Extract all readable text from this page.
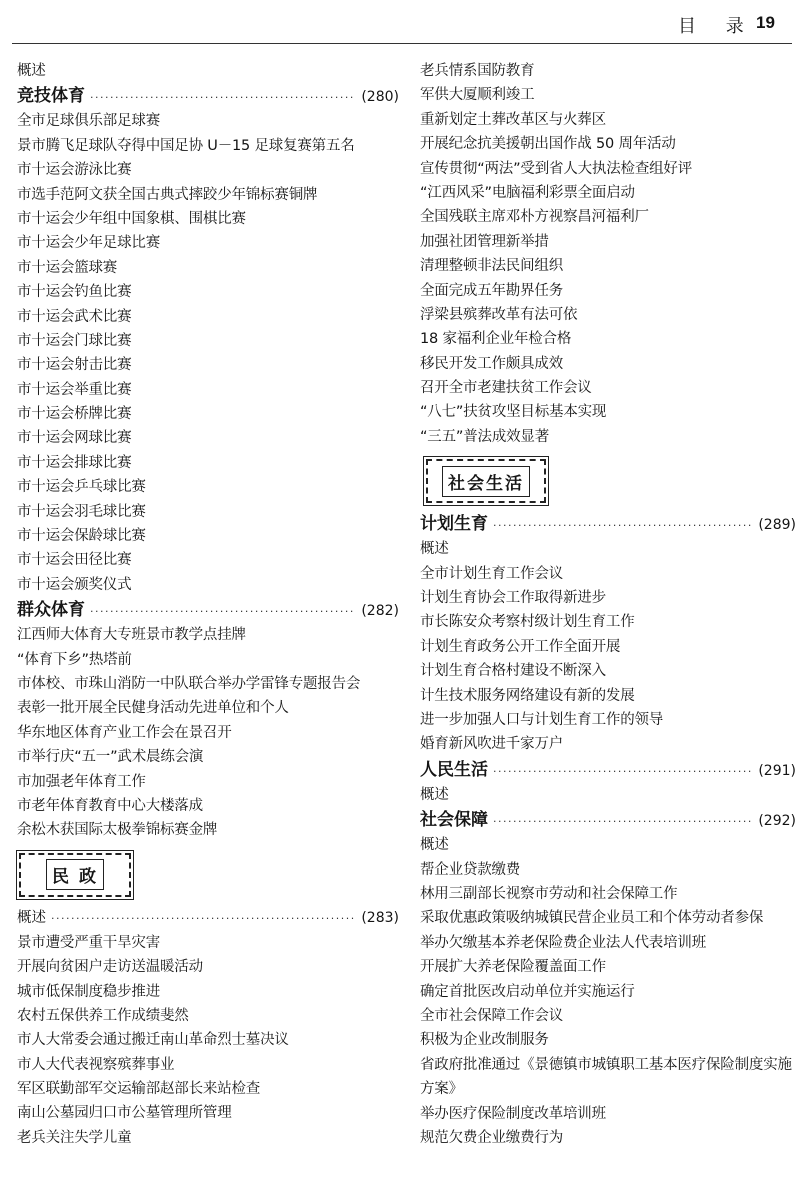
目 录 19
概述
竞技体育 ·····	(280)
全市足球俱乐部足球赛
景市腾飞足球队夺得中国足协 U－15 足球复赛第五名
市十运会游泳比赛
市选手范阿文获全国古典式摔跤少年锦标赛铜牌
市十运会少年组中国象棋、围棋比赛
市十运会少年足球比赛
市十运会篮球赛
市十运会钓鱼比赛
市十运会武术比赛
市十运会门球比赛
市十运会射击比赛
市十运会举重比赛
市十运会桥牌比赛
市十运会网球比赛
市十运会排球比赛
市十运会乒乓球比赛
市十运会羽毛球比赛
市十运会保龄球比赛
市十运会田径比赛
市十运会颁奖仪式
群众体育 ·····	(282)
江西师大体育大专班景市教学点挂牌
“体育下乡”热塔前
市体校、市珠山消防一中队联合举办学雷锋专题报告会
表彰一批开展全民健身活动先进单位和个人
华东地区体育产业工作会在景召开
市举行庆“五一”武术晨练会演
市加强老年体育工作
市老年体育教育中心大楼落成
余松木获国际太极拳锦标赛金牌
民 政
概述 ·····	(283)
景市遭受严重干旱灾害
开展向贫困户走访送温暖活动
城市低保制度稳步推进
农村五保供养工作成绩斐然
市人大常委会通过搬迁南山革命烈士墓决议
市人大代表视察殡葬事业
军区联勤部军交运输部赵部长来站检查
南山公墓园归口市公墓管理所管理
老兵关注失学儿童
老兵情系国防教育
军供大厦顺利竣工
重新划定土葬改革区与火葬区
开展纪念抗美援朝出国作战 50 周年活动
宣传贯彻“两法”受到省人大执法检查组好评
“江西风采”电脑福利彩票全面启动
全国残联主席邓朴方视察昌河福利厂
加强社团管理新举措
清理整顿非法民间组织
全面完成五年勘界任务
浮梁县殡葬改革有法可依
18 家福利企业年检合格
移民开发工作颇具成效
召开全市老建扶贫工作会议
“八七”扶贫攻坚目标基本实现
“三五”普法成效显著
社会生活
计划生育 ·····	(289)
概述
全市计划生育工作会议
计划生育协会工作取得新进步
市长陈安众考察村级计划生育工作
计划生育政务公开工作全面开展
计划生育合格村建设不断深入
计生技术服务网络建设有新的发展
进一步加强人口与计划生育工作的领导
婚育新风吹进千家万户
人民生活 ·····	(291)
概述
社会保障 ·····	(292)
概述
帮企业贷款缴费
林用三副部长视察市劳动和社会保障工作
采取优惠政策吸纳城镇民营企业员工和个体劳动者参保
举办欠缴基本养老保险费企业法人代表培训班
开展扩大养老保险覆盖面工作
确定首批医改启动单位并实施运行
全市社会保障工作会议
积极为企业改制服务
省政府批准通过《景德镇市城镇职工基本医疗保险制度实施方案》
举办医疗保险制度改革培训班
规范欠费企业缴费行为
